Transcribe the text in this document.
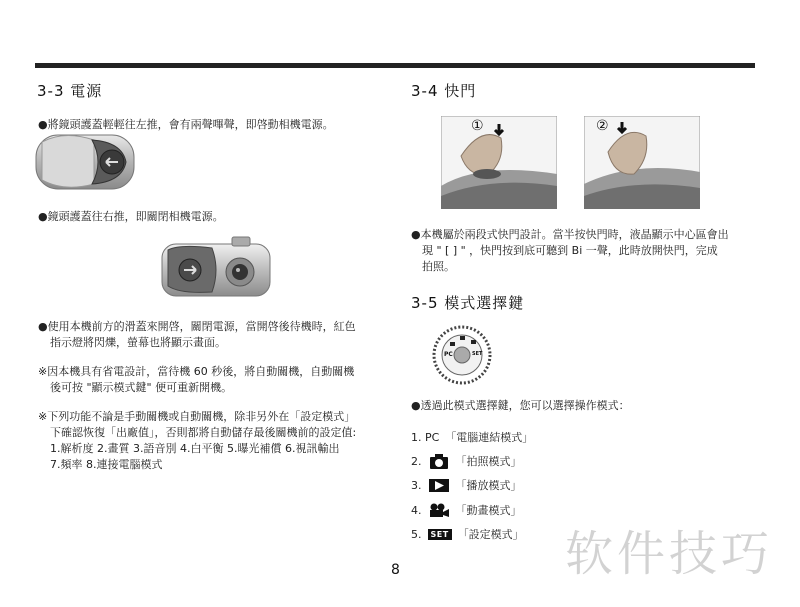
3-3 電源
●將鏡頭護蓋輕輕往左推，會有兩聲嗶聲，即啓動相機電源。
●鏡頭護蓋往右推，即關閉相機電源。
●使用本機前方的滑蓋來開啓，關閉電源，當開啓後待機時，紅色
指示燈將閃爍，螢幕也將顯示畫面。
※因本機具有省電設計，當待機 60 秒後，將自動關機，自動關機
後可按 "顯示模式鍵" 便可重新開機。
※下列功能不論是手動關機或自動關機，除非另外在「設定模式」
下確認恢復「出廠值」，否則都將自動儲存最後關機前的設定值:
1.解析度 2.畫質 3.語音別 4.白平衡 5.曝光補償 6.視訊輸出
7.頻率 8.連接電腦模式
3-4 快門
①	②
●本機屬於兩段式快門設計。當半按快門時，液晶顯示中心區會出
現 " [ ] " ，快門按到底可聽到 Bi 一聲，此時放開快門，完成
拍照。
3-5 模式選擇鍵
PC	SET
●透過此模式選擇鍵，您可以選擇操作模式：
1. PC 「電腦連結模式」
2.	「拍照模式」
3.	「播放模式」
4.	「動畫模式」
5.	SET 「設定模式」
8	软件技巧
